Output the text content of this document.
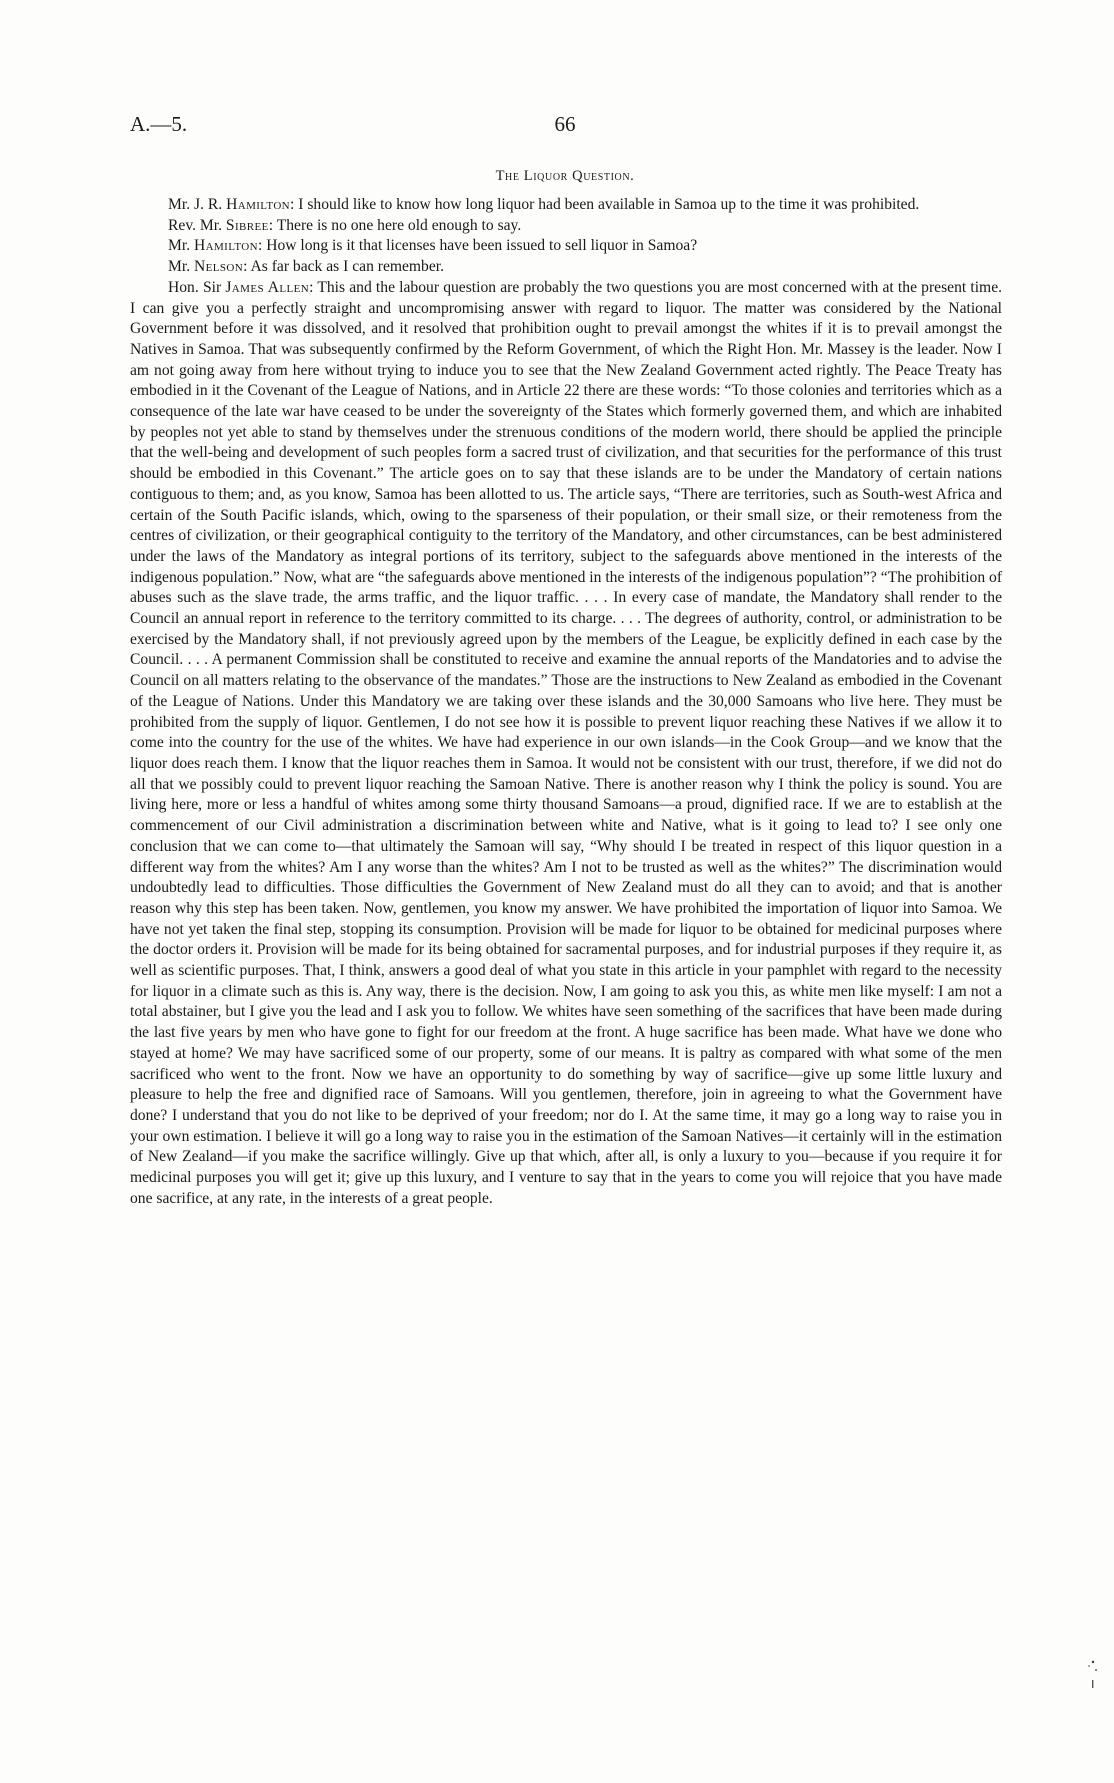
A.—5.	66
The Liquor Question.

Mr. J. R. Hamilton: I should like to know how long liquor had been available in Samoa up to the time it was prohibited.

Rev. Mr. Sibree: There is no one here old enough to say.

Mr. Hamilton: How long is it that licenses have been issued to sell liquor in Samoa?

Mr. Nelson: As far back as I can remember.

Hon. Sir James Allen: This and the labour question are probably the two questions you are most concerned with at the present time. I can give you a perfectly straight and uncompromising answer with regard to liquor. The matter was considered by the National Government before it was dissolved, and it resolved that prohibition ought to prevail amongst the whites if it is to prevail amongst the Natives in Samoa. That was subsequently confirmed by the Reform Government, of which the Right Hon. Mr. Massey is the leader. Now I am not going away from here without trying to induce you to see that the New Zealand Government acted rightly. The Peace Treaty has embodied in it the Covenant of the League of Nations, and in Article 22 there are these words: “To those colonies and territories which as a consequence of the late war have ceased to be under the sovereignty of the States which formerly governed them, and which are inhabited by peoples not yet able to stand by themselves under the strenuous conditions of the modern world, there should be applied the principle that the well-being and development of such peoples form a sacred trust of civilization, and that securities for the performance of this trust should be embodied in this Covenant.” The article goes on to say that these islands are to be under the Mandatory of certain nations contiguous to them; and, as you know, Samoa has been allotted to us. The article says, “There are territories, such as South-west Africa and certain of the South Pacific islands, which, owing to the sparseness of their population, or their small size, or their remoteness from the centres of civilization, or their geographical contiguity to the territory of the Mandatory, and other circumstances, can be best administered under the laws of the Mandatory as integral portions of its territory, subject to the safeguards above mentioned in the interests of the indigenous population.” Now, what are “the safeguards above mentioned in the interests of the indigenous population”? “The prohibition of abuses such as the slave trade, the arms traffic, and the liquor traffic. . . . In every case of mandate, the Mandatory shall render to the Council an annual report in reference to the territory committed to its charge. . . . The degrees of authority, control, or administration to be exercised by the Mandatory shall, if not previously agreed upon by the members of the League, be explicitly defined in each case by the Council. . . . A permanent Commission shall be constituted to receive and examine the annual reports of the Mandatories and to advise the Council on all matters relating to the observance of the mandates.” Those are the instructions to New Zealand as embodied in the Covenant of the League of Nations. Under this Mandatory we are taking over these islands and the 30,000 Samoans who live here. They must be prohibited from the supply of liquor. Gentlemen, I do not see how it is possible to prevent liquor reaching these Natives if we allow it to come into the country for the use of the whites. We have had experience in our own islands—in the Cook Group—and we know that the liquor does reach them. I know that the liquor reaches them in Samoa. It would not be consistent with our trust, therefore, if we did not do all that we possibly could to prevent liquor reaching the Samoan Native. There is another reason why I think the policy is sound. You are living here, more or less a handful of whites among some thirty thousand Samoans—a proud, dignified race. If we are to establish at the commencement of our Civil administration a discrimination between white and Native, what is it going to lead to? I see only one conclusion that we can come to—that ultimately the Samoan will say, “Why should I be treated in respect of this liquor question in a different way from the whites? Am I any worse than the whites? Am I not to be trusted as well as the whites?” The discrimination would undoubtedly lead to difficulties. Those difficulties the Government of New Zealand must do all they can to avoid; and that is another reason why this step has been taken. Now, gentlemen, you know my answer. We have prohibited the importation of liquor into Samoa. We have not yet taken the final step, stopping its consumption. Provision will be made for liquor to be obtained for medicinal purposes where the doctor orders it. Provision will be made for its being obtained for sacramental purposes, and for industrial purposes if they require it, as well as scientific purposes. That, I think, answers a good deal of what you state in this article in your pamphlet with regard to the necessity for liquor in a climate such as this is. Any way, there is the decision. Now, I am going to ask you this, as white men like myself: I am not a total abstainer, but I give you the lead and I ask you to follow. We whites have seen something of the sacrifices that have been made during the last five years by men who have gone to fight for our freedom at the front. A huge sacrifice has been made. What have we done who stayed at home? We may have sacrificed some of our property, some of our means. It is paltry as compared with what some of the men sacrificed who went to the front. Now we have an opportunity to do something by way of sacrifice—give up some little luxury and pleasure to help the free and dignified race of Samoans. Will you gentlemen, therefore, join in agreeing to what the Government have done? I understand that you do not like to be deprived of your freedom; nor do I. At the same time, it may go a long way to raise you in your own estimation. I believe it will go a long way to raise you in the estimation of the Samoan Natives—it certainly will in the estimation of New Zealand—if you make the sacrifice willingly. Give up that which, after all, is only a luxury to you—because if you require it for medicinal purposes you will get it; give up this luxury, and I venture to say that in the years to come you will rejoice that you have made one sacrifice, at any rate, in the interests of a great people.
